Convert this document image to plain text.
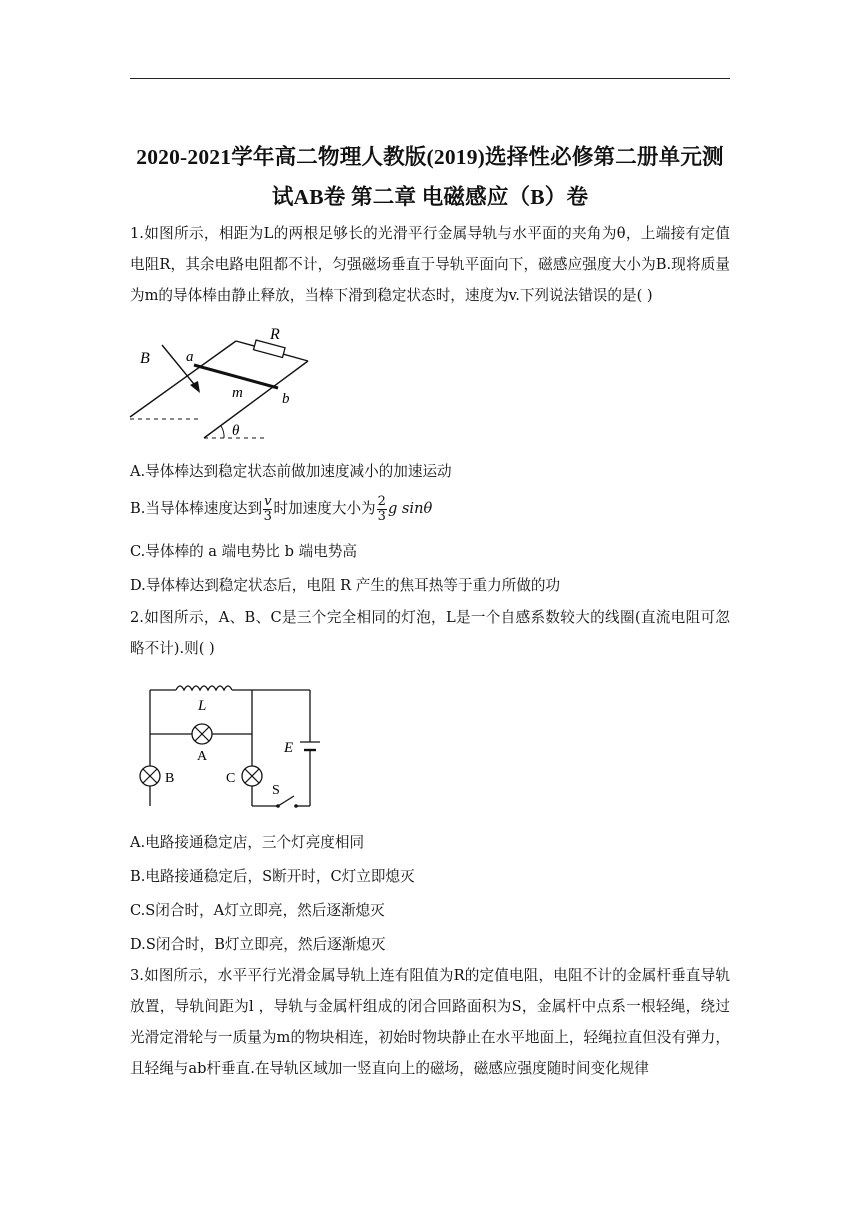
2020-2021学年高二物理人教版(2019)选择性必修第二册单元测
试AB卷 第二章 电磁感应（B）卷
1.如图所示，相距为L的两根足够长的光滑平行金属导轨与水平面的夹角为θ，上端接有定值电阻R，其余电路电阻都不计，匀强磁场垂直于导轨平面向下，磁感应强度大小为B.现将质量为m的导体棒由静止释放，当棒下滑到稳定状态时，速度为v.下列说法错误的是( )
B a
R
m	b
θ
A.导体棒达到稳定状态前做加速度减小的加速运动
B.当导体棒速度达到 $\frac{v}{3}$ 时加速度大小为 $\frac{2}{3}$ g sinθ
C.导体棒的 a 端电势比 b 端电势高
D.导体棒达到稳定状态后，电阻 R 产生的焦耳热等于重力所做的功
2.如图所示，A、B、C是三个完全相同的灯泡，L是一个自感系数较大的线圈(直流电阻可忽略不计).则( )
L
A
B	C
E
S
A.电路接通稳定店，三个灯亮度相同
B.电路接通稳定后，S断开时，C灯立即熄灭
C.S闭合时，A灯立即亮，然后逐渐熄灭
D.S闭合时，B灯立即亮，然后逐渐熄灭
3.如图所示，水平平行光滑金属导轨上连有阻值为R的定值电阻，电阻不计的金属杆垂直导轨放置，导轨间距为l ，导轨与金属杆组成的闭合回路面积为S，金属杆中点系一根轻绳，绕过光滑定滑轮与一质量为m的物块相连，初始时物块静止在水平地面上，轻绳拉直但没有弹力，且轻绳与ab杆垂直.在导轨区域加一竖直向上的磁场，磁感应强度随时间变化规律
